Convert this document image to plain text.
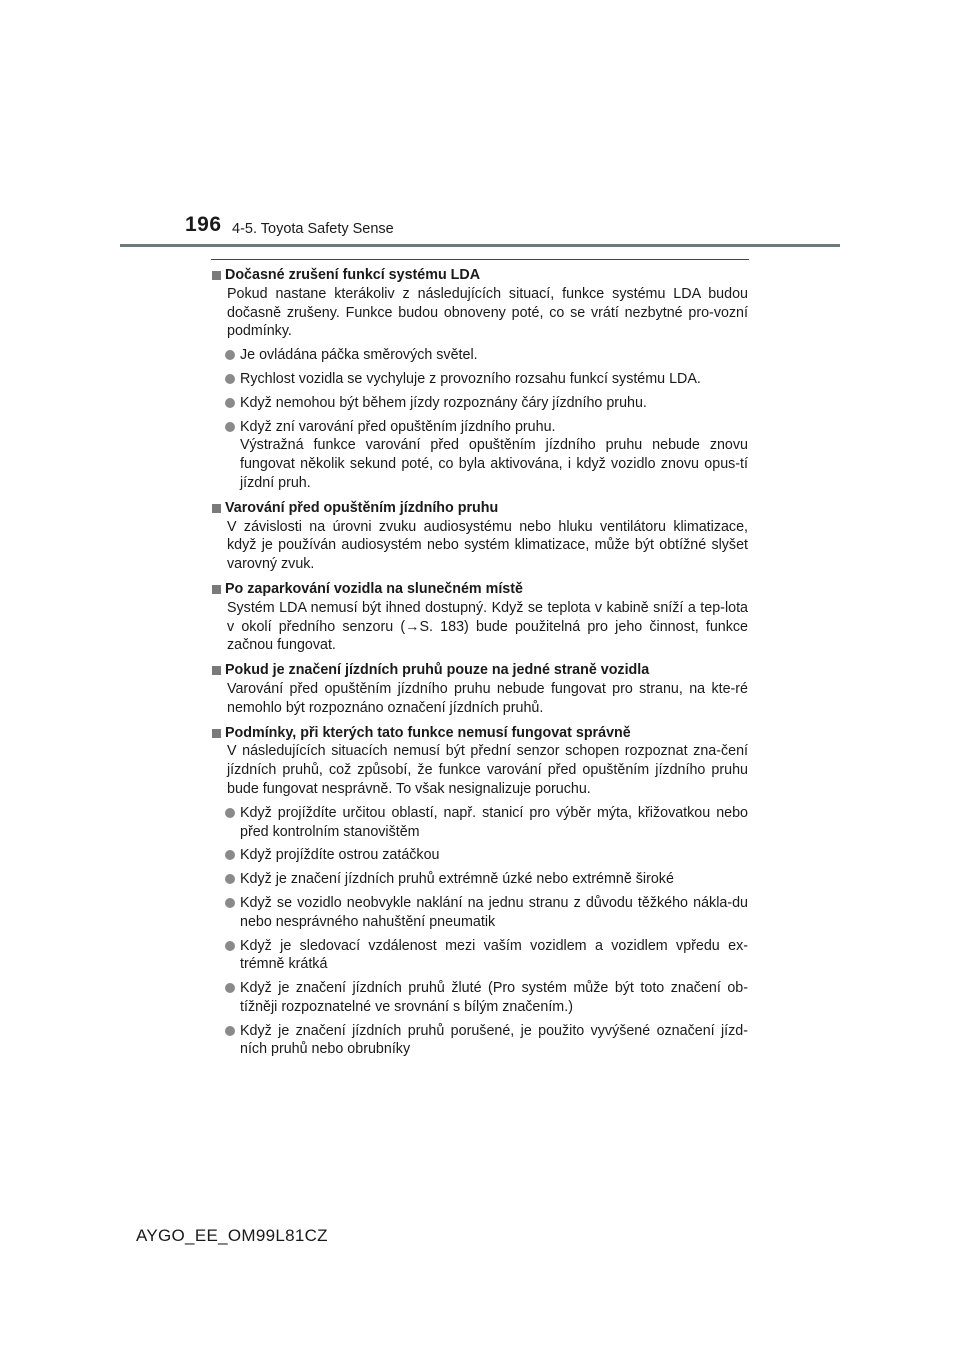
196 4-5. Toyota Safety Sense
Dočasné zrušení funkcí systému LDA
Pokud nastane kterákoliv z následujících situací, funkce systému LDA budou dočasně zrušeny. Funkce budou obnoveny poté, co se vrátí nezbytné pro-vozní podmínky.
Je ovládána páčka směrových světel.
Rychlost vozidla se vychyluje z provozního rozsahu funkcí systému LDA.
Když nemohou být během jízdy rozpoznány čáry jízdního pruhu.
Když zní varování před opuštěním jízdního pruhu.
Výstražná funkce varování před opuštěním jízdního pruhu nebude znovu fungovat několik sekund poté, co byla aktivována, i když vozidlo znovu opus-tí jízdní pruh.
Varování před opuštěním jízdního pruhu
V závislosti na úrovni zvuku audiosystému nebo hluku ventilátoru klimatizace, když je používán audiosystém nebo systém klimatizace, může být obtížné slyšet varovný zvuk.
Po zaparkování vozidla na slunečném místě
Systém LDA nemusí být ihned dostupný. Když se teplota v kabině sníží a tep-lota v okolí předního senzoru (→S. 183) bude použitelná pro jeho činnost, funkce začnou fungovat.
Pokud je značení jízdních pruhů pouze na jedné straně vozidla
Varování před opuštěním jízdního pruhu nebude fungovat pro stranu, na kte-ré nemohlo být rozpoznáno označení jízdních pruhů.
Podmínky, při kterých tato funkce nemusí fungovat správně
V následujících situacích nemusí být přední senzor schopen rozpoznat zna-čení jízdních pruhů, což způsobí, že funkce varování před opuštěním jízdního pruhu bude fungovat nesprávně. To však nesignalizuje poruchu.
Když projíždíte určitou oblastí, např. stanicí pro výběr mýta, křižovatkou nebo před kontrolním stanovištěm
Když projíždíte ostrou zatáčkou
Když je značení jízdních pruhů extrémně úzké nebo extrémně široké
Když se vozidlo neobvykle naklání na jednu stranu z důvodu těžkého nákla-du nebo nesprávného nahuštění pneumatik
Když je sledovací vzdálenost mezi vaším vozidlem a vozidlem vpředu ex-trémně krátká
Když je značení jízdních pruhů žluté (Pro systém může být toto značení ob-tížněji rozpoznatelné ve srovnání s bílým značením.)
Když je značení jízdních pruhů porušené, je použito vyvýšené označení jízd-ních pruhů nebo obrubníky
AYGO_EE_OM99L81CZ
